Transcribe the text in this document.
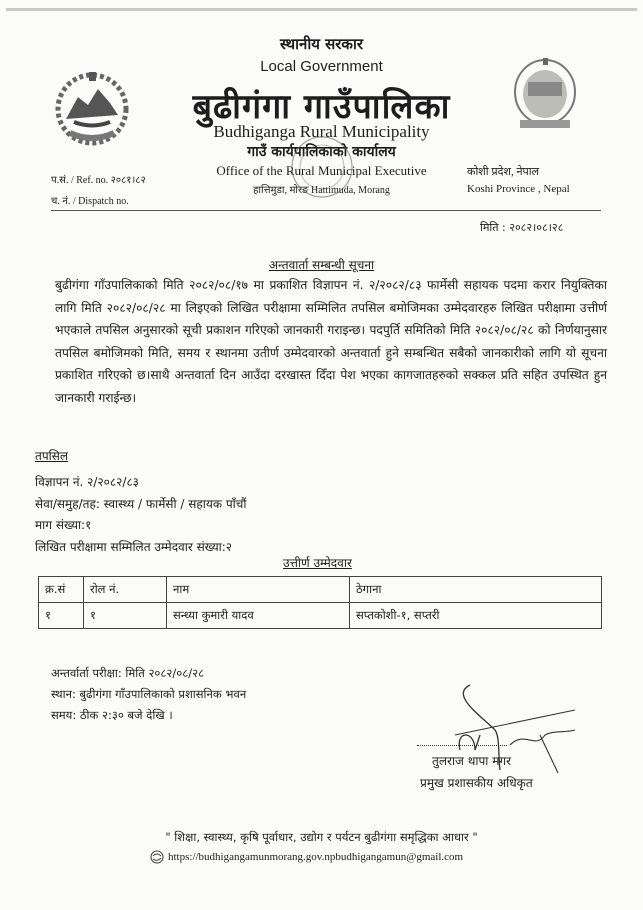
स्थानीय सरकार
Local Government
बुढीगंगा गाउँपालिका
Budhiganga Rural Municipality
गाउँ कार्यपालिकाको कार्यालय
Office of the Rural Municipal Executive
हात्तिमुडा, मोरङ Hattimuda, Morang
प.सं. / Ref. no. २०८१।८२
च. नं. / Dispatch no.
कोशी प्रदेश, नेपाल
Koshi Province , Nepal
मिति : २०८२।०८।२८
अन्तवार्ता सम्बन्धी सूचना
बुढीगंगा गाँउपालिकाको मिति २०८२/०८/१७ मा प्रकाशित विज्ञापन नं. २/२०८२/८३ फार्मेसी सहायक पदमा करार नियुक्तिका लागि मिति २०८२/०८/२८ मा लिइएको लिखित परीक्षामा सम्मिलित तपसिल बमोजिमका उम्मेदवारहरु लिखित परीक्षामा उत्तीर्ण भएकाले तपसिल अनुसारको सूची प्रकाशन गरिएको जानकारी गराइन्छ। पदपुर्ति समितिको मिति २०८२/०८/२८ को निर्णयानुसार तपसिल बमोजिमको मिति, समय र स्थानमा उतीर्ण उम्मेदवारको अन्तवार्ता हुने सम्बन्धित सबैको जानकारीको लागि यो सूचना प्रकाशित गरिएको छ।साथै अन्तवार्ता दिन आउँदा दरखास्त दिँदा पेश भएका कागजातहरुको सक्कल प्रति सहित उपस्थित हुन जानकारी गराईन्छ।
तपसिल
विज्ञापन नं. २/२०८२/८३
सेवा/समुह/तह: स्वास्थ्य / फार्मेसी / सहायक पाँचौं
माग संख्या:१
लिखित परीक्षामा सम्मिलित उम्मेदवार संख्या:२
उत्तीर्ण उम्मेदवार
क्र.सं	रोल नं.	नाम	ठेगाना
१	१	सन्ध्या कुमारी यादव	सप्तकोशी-१, सप्तरी
अन्तर्वार्ता परीक्षा: मिति २०८२/०८/२८
स्थान: बुढीगंगा गाँउपालिकाको प्रशासनिक भवन
समय: ठीक २:३० बजे देखि ।
तुलराज थापा मगर
प्रमुख प्रशासकीय अधिकृत
" शिक्षा, स्वास्थ्य, कृषि पूर्वाधार, उद्योग र पर्यटन बुढीगंगा समृद्धिका आधार "
https://budhigangamunmorang.gov.npbudhigangamun@gmail.com
